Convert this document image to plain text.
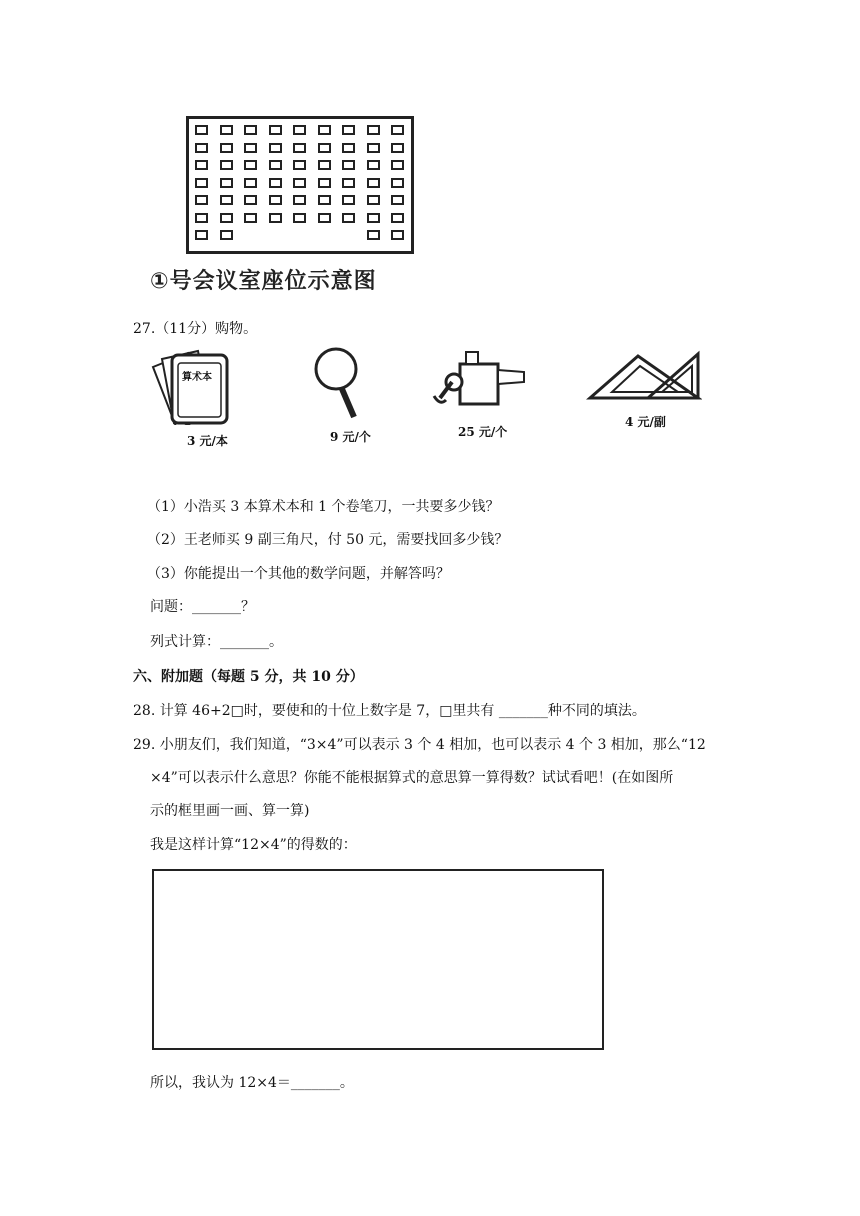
①号会议室座位示意图
27.（11分）购物。
算术本
3 元/本	9 元/个	25 元/个
4 元/副
（1）小浩买 3 本算术本和 1 个卷笔刀，一共要多少钱？
（2）王老师买 9 副三角尺，付 50 元，需要找回多少钱？
（3）你能提出一个其他的数学问题，并解答吗？
问题：_______？
列式计算：_______。
六、附加题（每题 5 分，共 10 分）
28. 计算 46+2□时，要使和的十位上数字是 7，□里共有 _______种不同的填法。
29. 小朋友们，我们知道，“3×4”可以表示 3 个 4 相加，也可以表示 4 个 3 相加，那么“12
×4”可以表示什么意思？你能不能根据算式的意思算一算得数？试试看吧！(在如图所
示的框里画一画、算一算)
我是这样计算“12×4”的得数的：
所以，我认为 12×4＝_______。
